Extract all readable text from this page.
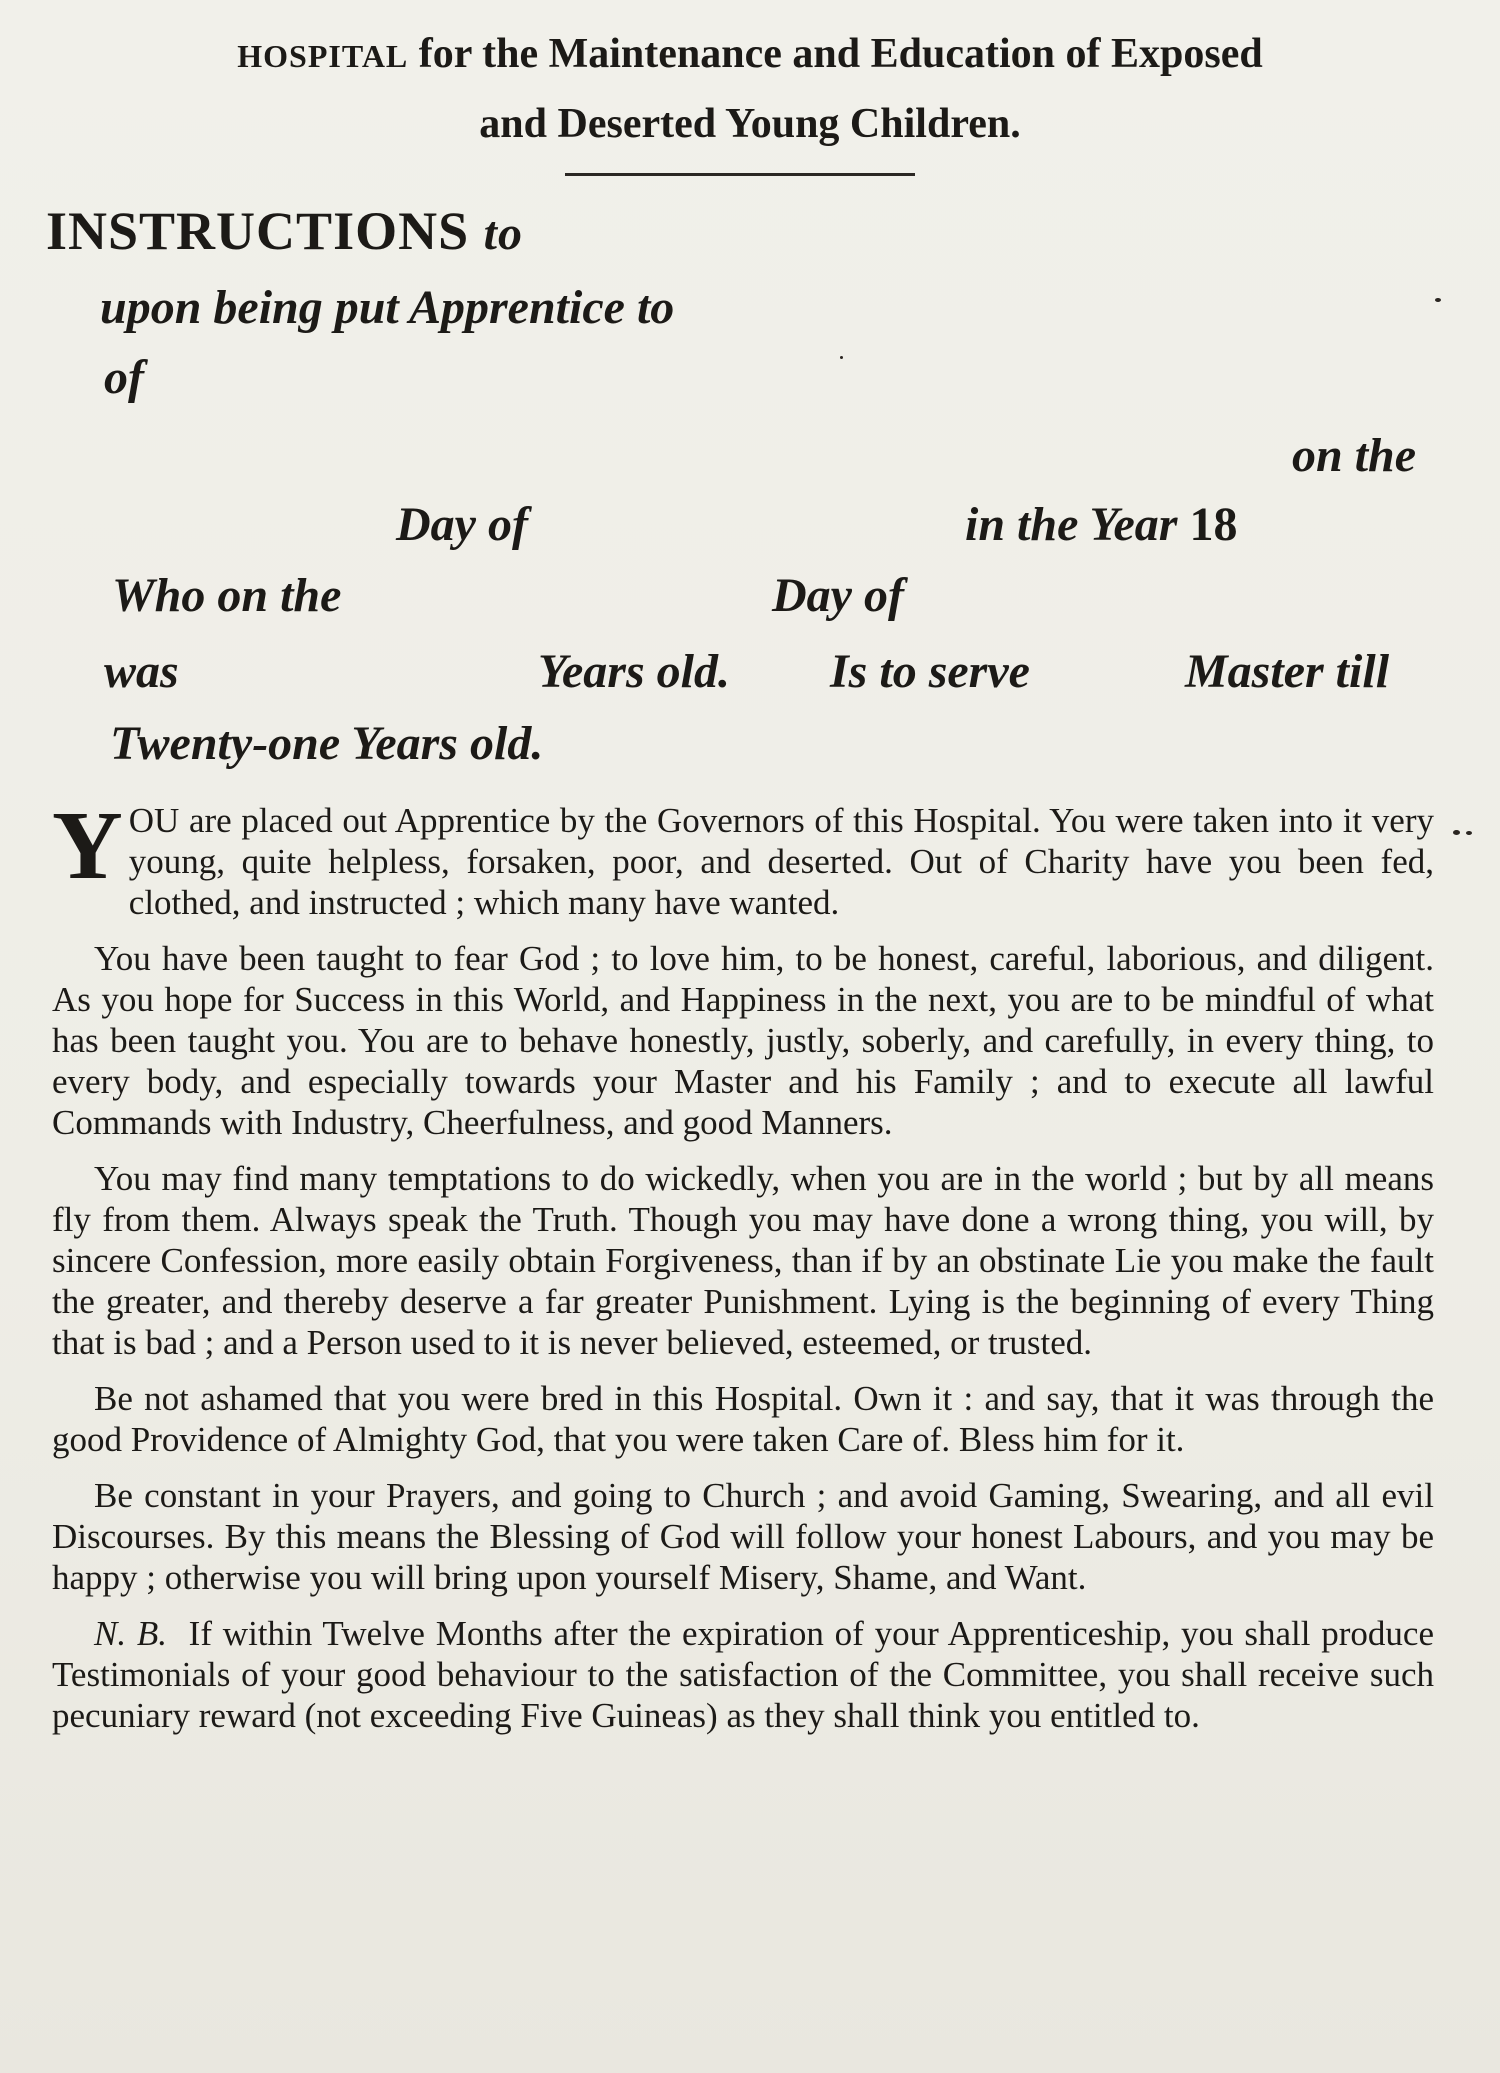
HOSPITAL for the Maintenance and Education of Exposed
and Deserted Young Children.
INSTRUCTIONS to
upon being put Apprentice to
of
on the
Day of	in the Year 18
Who on the	Day of
was	Years old. Is to serve	Master till
Twenty-one Years old.

YOU are placed out Apprentice by the Governors of this Hospital. You were taken into it very young, quite helpless, forsaken, poor, and deserted. Out of Charity have you been fed, clothed, and instructed ; which many have wanted.

You have been taught to fear God ; to love him, to be honest, careful, laborious, and diligent. As you hope for Success in this World, and Happiness in the next, you are to be mindful of what has been taught you. You are to behave honestly, justly, soberly, and carefully, in every thing, to every body, and especially towards your Master and his Family ; and to execute all lawful Commands with Industry, Cheerfulness, and good Manners.

You may find many temptations to do wickedly, when you are in the world ; but by all means fly from them. Always speak the Truth. Though you may have done a wrong thing, you will, by sincere Confession, more easily obtain Forgiveness, than if by an obstinate Lie you make the fault the greater, and thereby deserve a far greater Punishment. Lying is the beginning of every Thing that is bad ; and a Person used to it is never believed, esteemed, or trusted.

Be not ashamed that you were bred in this Hospital. Own it : and say, that it was through the good Providence of Almighty God, that you were taken Care of. Bless him for it.

Be constant in your Prayers, and going to Church ; and avoid Gaming, Swearing, and all evil Discourses. By this means the Blessing of God will follow your honest Labours, and you may be happy ; otherwise you will bring upon yourself Misery, Shame, and Want.

N. B. If within Twelve Months after the expiration of your Apprenticeship, you shall produce Testimonials of your good behaviour to the satisfaction of the Committee, you shall receive such pecuniary reward (not exceeding Five Guineas) as they shall think you entitled to.
